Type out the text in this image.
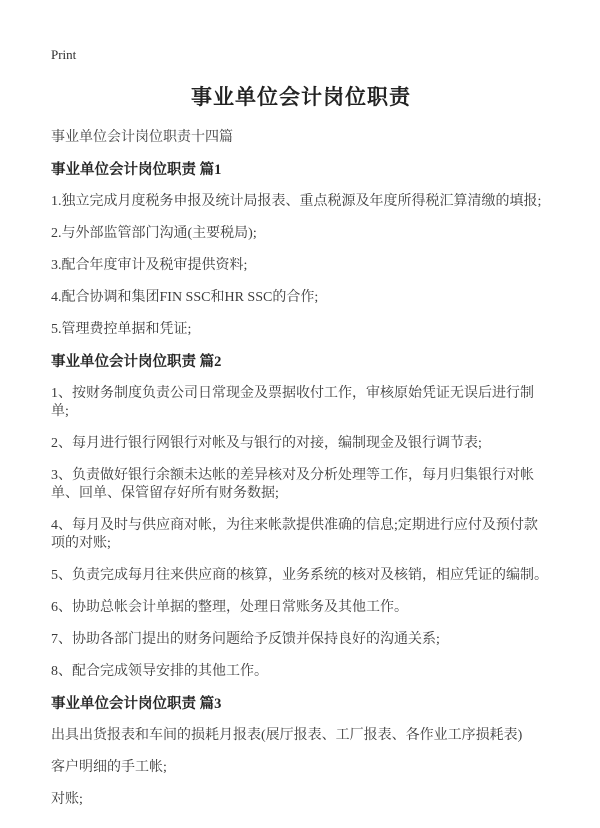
Print
事业单位会计岗位职责

事业单位会计岗位职责十四篇

事业单位会计岗位职责 篇1

1.独立完成月度税务申报及统计局报表、重点税源及年度所得税汇算清缴的填报;

2.与外部监管部门沟通(主要税局);

3.配合年度审计及税审提供资料;

4.配合协调和集团FIN SSC和HR SSC的合作;

5.管理费控单据和凭证;

事业单位会计岗位职责 篇2

1、按财务制度负责公司日常现金及票据收付工作，审核原始凭证无误后进行制单;

2、每月进行银行网银行对帐及与银行的对接，编制现金及银行调节表;

3、负责做好银行余额未达帐的差异核对及分析处理等工作，每月归集银行对帐单、回单、保管留存好所有财务数据;

4、每月及时与供应商对帐，为往来帐款提供准确的信息;定期进行应付及预付款项的对账;

5、负责完成每月往来供应商的核算，业务系统的核对及核销，相应凭证的编制。

6、协助总帐会计单据的整理，处理日常账务及其他工作。

7、协助各部门提出的财务问题给予反馈并保持良好的沟通关系;

8、配合完成领导安排的其他工作。

事业单位会计岗位职责 篇3

出具出货报表和车间的损耗月报表(展厅报表、工厂报表、各作业工序损耗表)

客户明细的手工帐;

对账;
